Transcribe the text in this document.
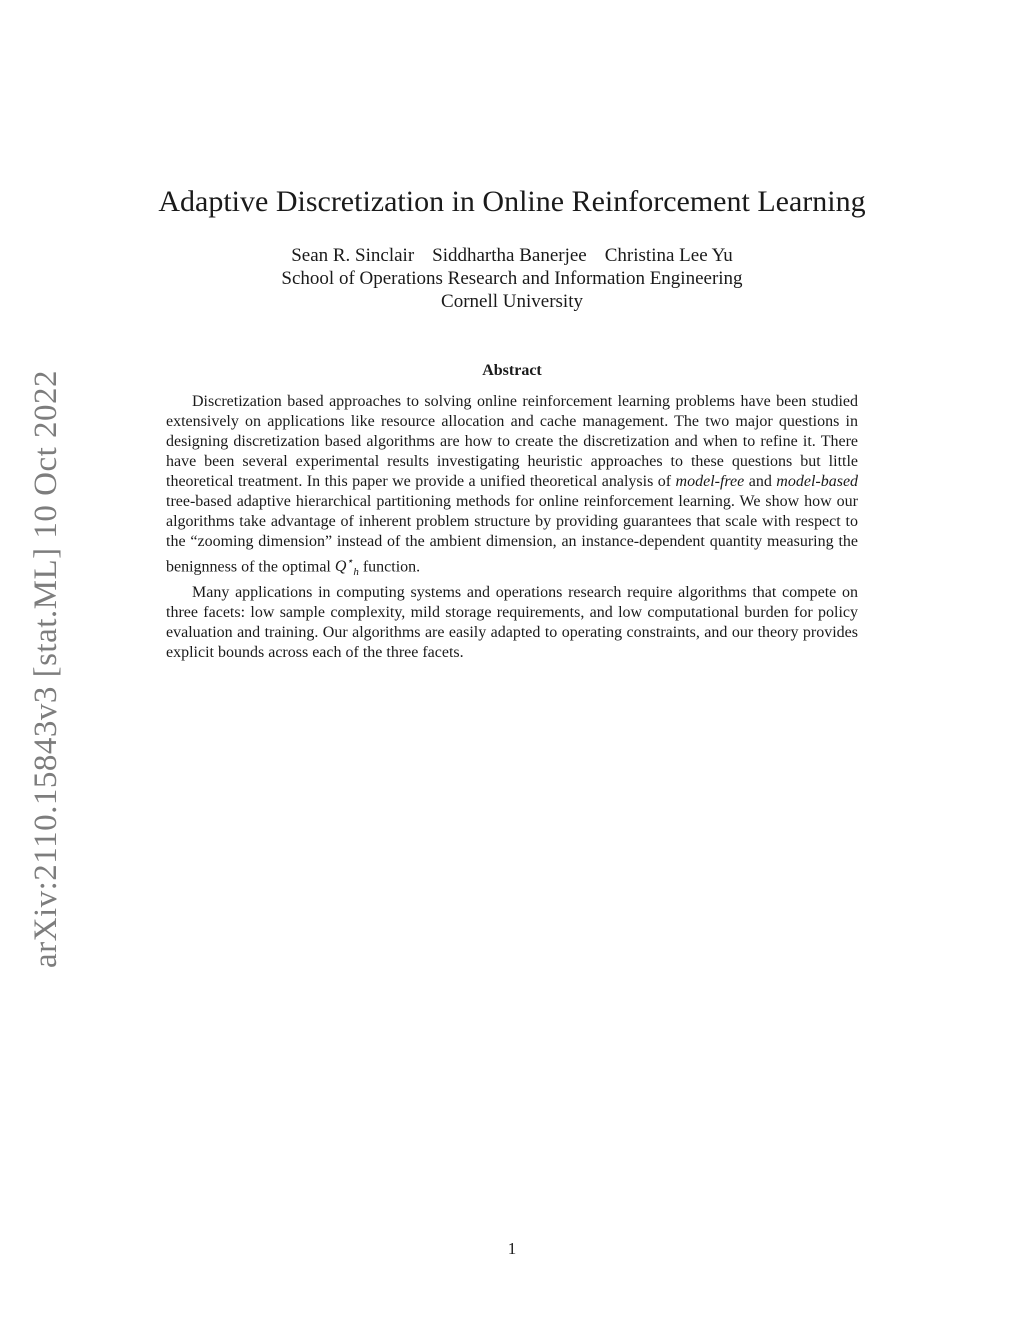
arXiv:2110.15843v3 [stat.ML] 10 Oct 2022
Adaptive Discretization in Online Reinforcement Learning
Sean R. Sinclair Siddhartha Banerjee Christina Lee Yu
School of Operations Research and Information Engineering
Cornell University
Abstract

Discretization based approaches to solving online reinforcement learning problems have been studied extensively on applications like resource allocation and cache management. The two major questions in designing discretization based algorithms are how to create the discretization and when to refine it. There have been several experimental results investigating heuristic approaches to these questions but little theoretical treatment. In this paper we provide a unified theoretical analysis of model-free and model-based tree-based adaptive hierarchical partitioning methods for online reinforcement learning. We show how our algorithms take advantage of inherent problem structure by providing guarantees that scale with respect to the “zooming dimension” instead of the ambient dimension, an instance-dependent quantity measuring the benignness of the optimal $Q^⋆_h$ function.

Many applications in computing systems and operations research require algorithms that compete on three facets: low sample complexity, mild storage requirements, and low computational burden for policy evaluation and training. Our algorithms are easily adapted to operating constraints, and our theory provides explicit bounds across each of the three facets.

1
